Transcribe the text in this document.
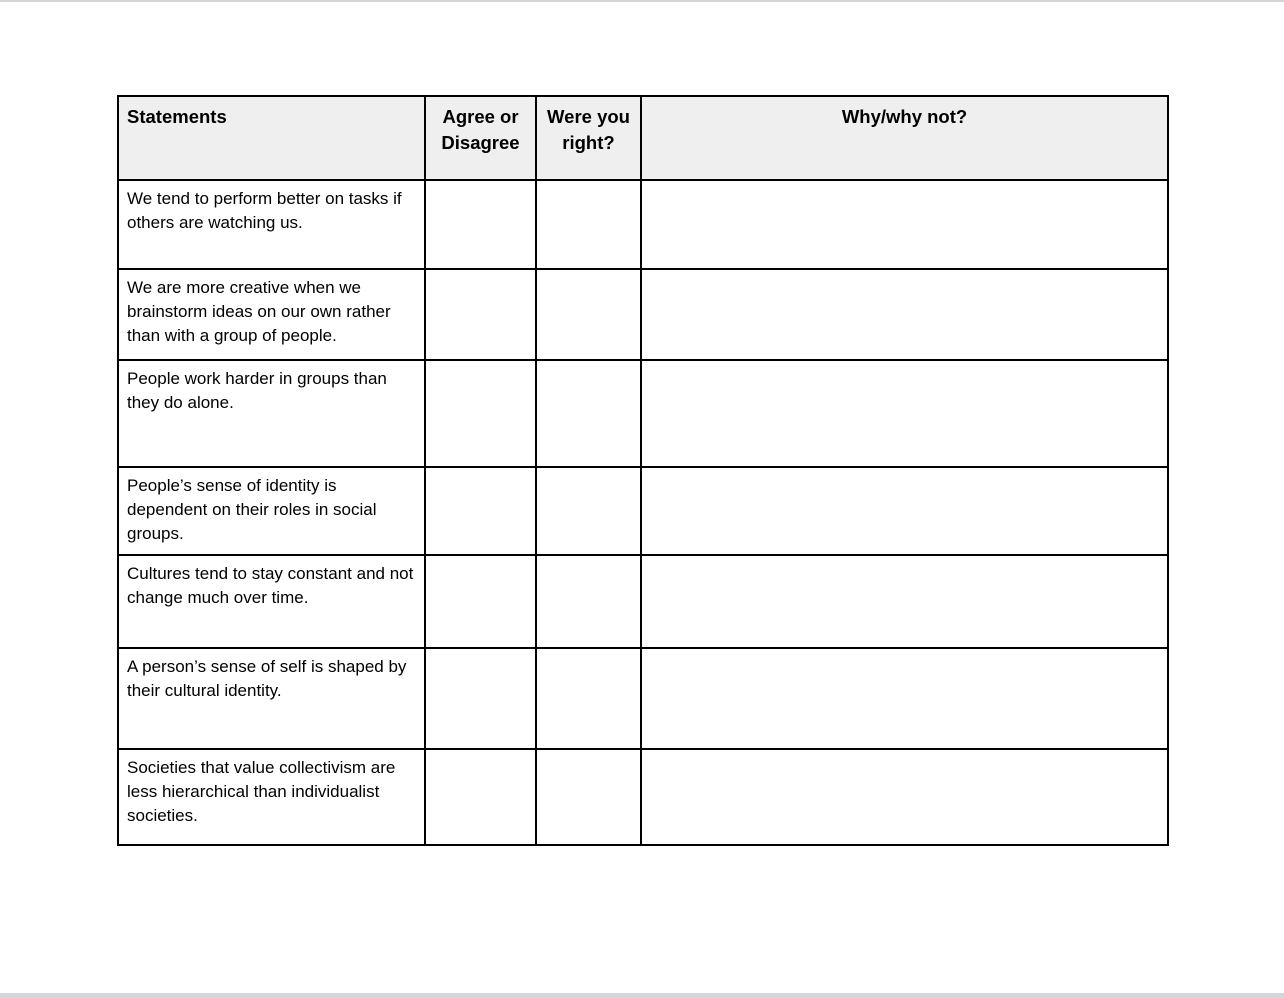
Statements	Agree or Disagree	Were you right?	Why/why not?
We tend to perform better on tasks if others are watching us.			
We are more creative when we brainstorm ideas on our own rather than with a group of people.			
People work harder in groups than they do alone.			
People’s sense of identity is dependent on their roles in social groups.			
Cultures tend to stay constant and not change much over time.			
A person’s sense of self is shaped by their cultural identity.			
Societies that value collectivism are less hierarchical than individualist societies.			
